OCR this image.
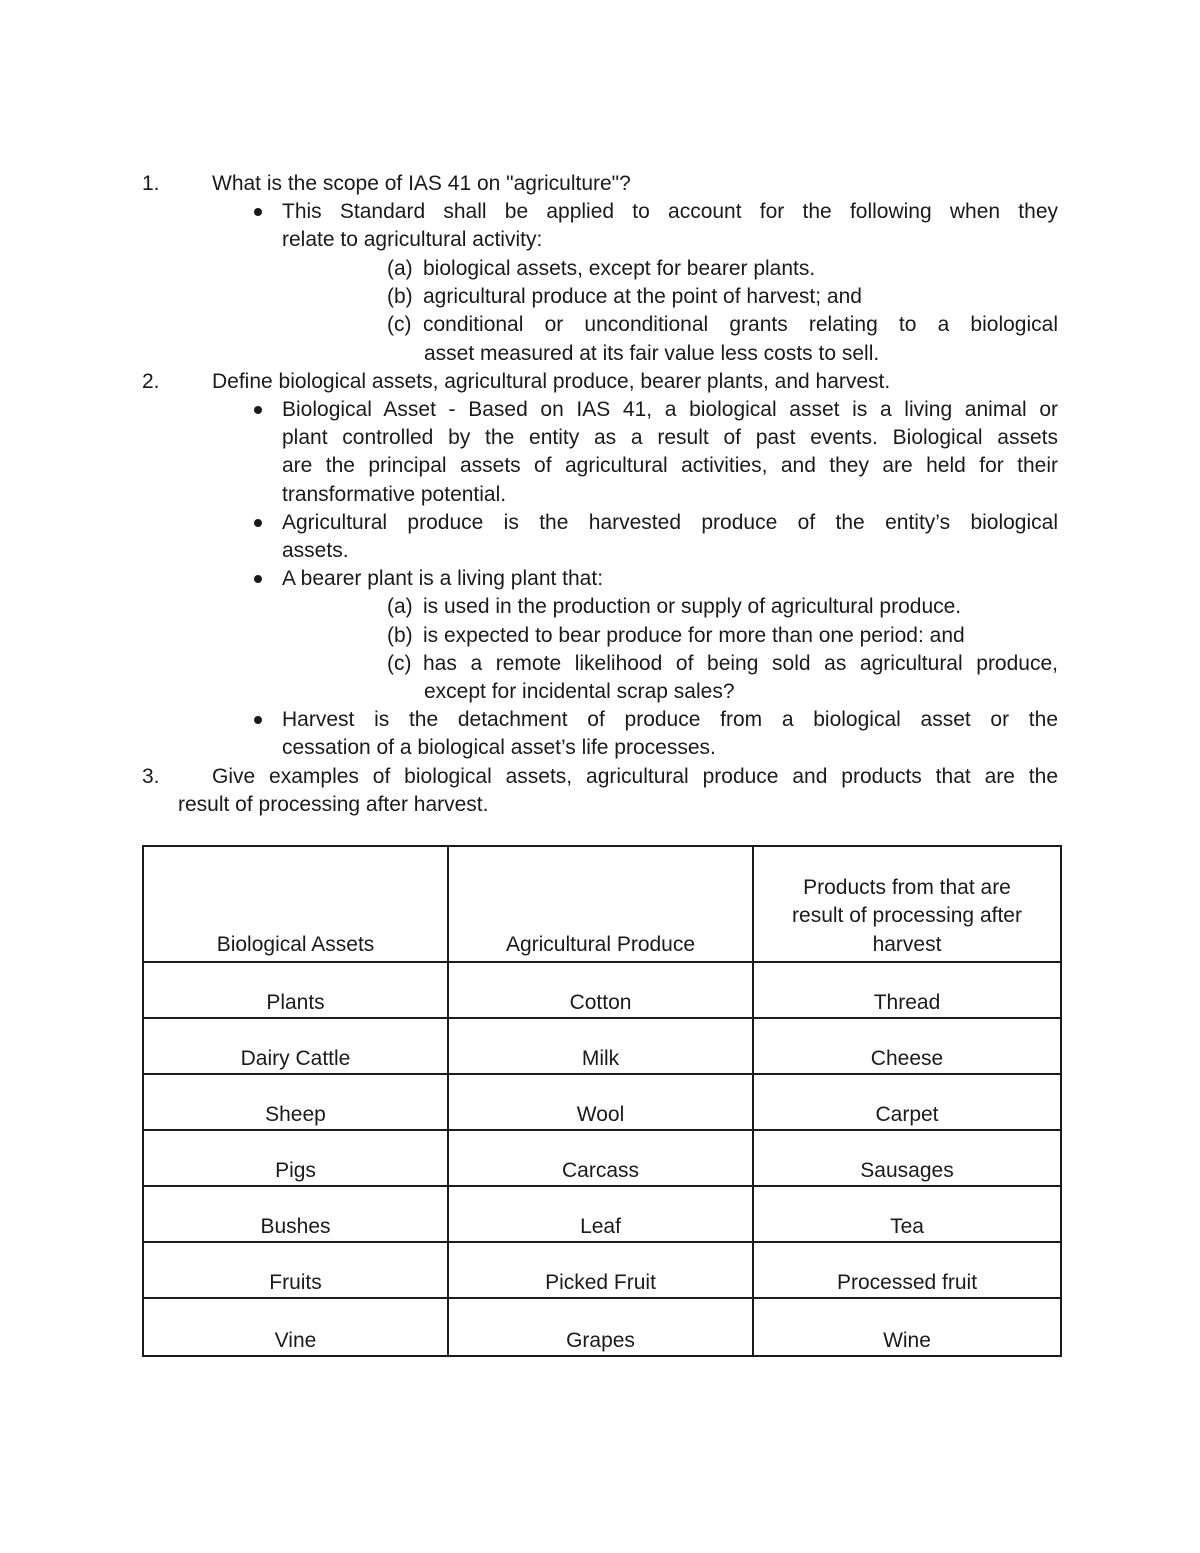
1. What is the scope of IAS 41 on "agriculture"?
This Standard shall be applied to account for the following when they
relate to agricultural activity:
(a) biological assets, except for bearer plants.
(b) agricultural produce at the point of harvest; and
(c) conditional or unconditional grants relating to a biological
asset measured at its fair value less costs to sell.
2. Define biological assets, agricultural produce, bearer plants, and harvest.
Biological Asset - Based on IAS 41, a biological asset is a living animal or
plant controlled by the entity as a result of past events. Biological assets
are the principal assets of agricultural activities, and they are held for their
transformative potential.
Agricultural produce is the harvested produce of the entity’s biological
assets.
A bearer plant is a living plant that:
(a) is used in the production or supply of agricultural produce.
(b) is expected to bear produce for more than one period: and
(c) has a remote likelihood of being sold as agricultural produce,
except for incidental scrap sales?
Harvest is the detachment of produce from a biological asset or the
cessation of a biological asset’s life processes.
3. Give examples of biological assets, agricultural produce and products that are the
result of processing after harvest.
Biological Assets	Agricultural Produce	Products from that are
result of processing after
harvest
Plants	Cotton	Thread
Dairy Cattle	Milk	Cheese
Sheep	Wool	Carpet
Pigs	Carcass	Sausages
Bushes	Leaf	Tea
Fruits	Picked Fruit	Processed fruit
Vine	Grapes	Wine
